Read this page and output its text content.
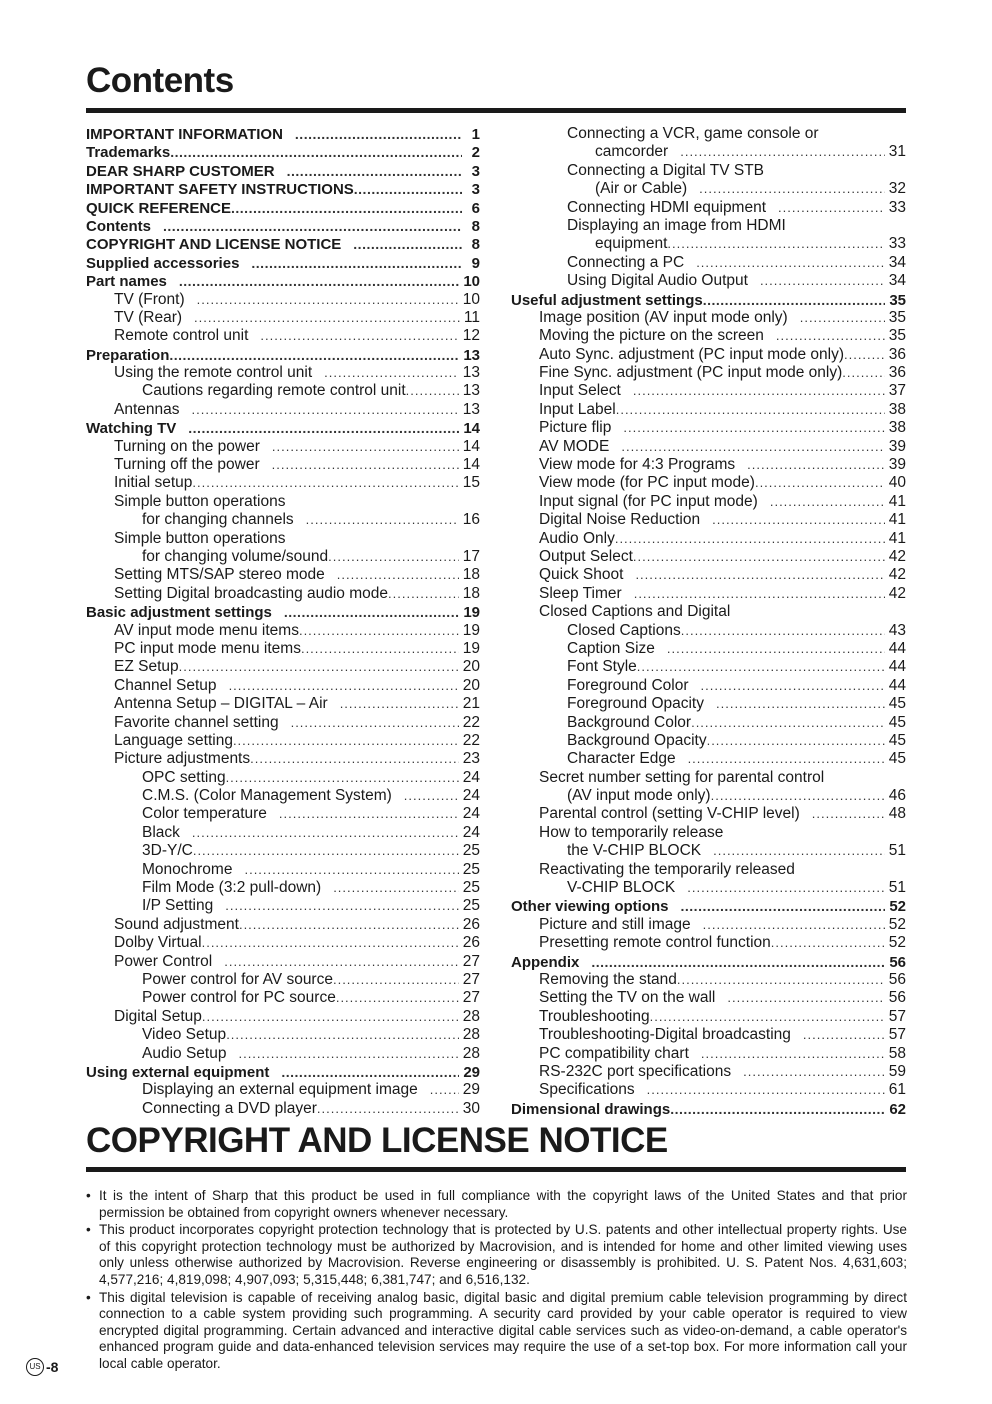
Contents
IMPORTANT INFORMATION .....	1
Trademarks .....	2
DEAR SHARP CUSTOMER .....	3
IMPORTANT SAFETY INSTRUCTIONS .....	3
QUICK REFERENCE .....	6
Contents .....	8
COPYRIGHT AND LICENSE NOTICE .....	8
Supplied accessories .....	9
Part names .....	10
TV (Front) .....	10
TV (Rear) .....	11
Remote control unit .....	12
Preparation .....	13
Using the remote control unit .....	13
Cautions regarding remote control unit .....	13
Antennas .....	13
Watching TV .....	14
Turning on the power .....	14
Turning off the power .....	14
Initial setup .....	15
Simple button operations
for changing channels .....	16
Simple button operations
for changing volume/sound .....	17
Setting MTS/SAP stereo mode .....	18
Setting Digital broadcasting audio mode .....	18
Basic adjustment settings .....	19
AV input mode menu items .....	19
PC input mode menu items .....	19
EZ Setup .....	20
Channel Setup .....	20
Antenna Setup – DIGITAL – Air .....	21
Favorite channel setting .....	22
Language setting .....	22
Picture adjustments .....	23
OPC setting .....	24
C.M.S. (Color Management System) .....	24
Color temperature .....	24
Black .....	24
3D-Y/C .....	25
Monochrome .....	25
Film Mode (3:2 pull-down) .....	25
I/P Setting .....	25
Sound adjustment .....	26
Dolby Virtual .....	26
Power Control .....	27
Power control for AV source .....	27
Power control for PC source .....	27
Digital Setup .....	28
Video Setup .....	28
Audio Setup .....	28
Using external equipment .....	29
Displaying an external equipment image .....	29
Connecting a DVD player .....	30
Connecting a VCR, game console or
camcorder .....	31
Connecting a Digital TV STB
(Air or Cable) .....	32
Connecting HDMI equipment .....	33
Displaying an image from HDMI
equipment .....	33
Connecting a PC .....	34
Using Digital Audio Output .....	34
Useful adjustment settings .....	35
Image position (AV input mode only) .....	35
Moving the picture on the screen .....	35
Auto Sync. adjustment (PC input mode only) .....	36
Fine Sync. adjustment (PC input mode only) .....	36
Input Select .....	37
Input Label .....	38
Picture flip .....	38
AV MODE .....	39
View mode for 4:3 Programs .....	39
View mode (for PC input mode) .....	40
Input signal (for PC input mode) .....	41
Digital Noise Reduction .....	41
Audio Only .....	41
Output Select .....	42
Quick Shoot .....	42
Sleep Timer .....	42
Closed Captions and Digital
Closed Captions .....	43
Caption Size .....	44
Font Style .....	44
Foreground Color .....	44
Foreground Opacity .....	45
Background Color .....	45
Background Opacity .....	45
Character Edge .....	45
Secret number setting for parental control
(AV input mode only) .....	46
Parental control (setting V-CHIP level) .....	48
How to temporarily release
the V-CHIP BLOCK .....	51
Reactivating the temporarily released
V-CHIP BLOCK .....	51
Other viewing options .....	52
Picture and still image .....	52
Presetting remote control function .....	52
Appendix .....	56
Removing the stand .....	56
Setting the TV on the wall .....	56
Troubleshooting .....	57
Troubleshooting-Digital broadcasting .....	57
PC compatibility chart .....	58
RS-232C port specifications .....	59
Specifications .....	61
Dimensional drawings .....	62
COPYRIGHT AND LICENSE NOTICE
• It is the intent of Sharp that this product be used in full compliance with the copyright laws of the United States and that prior permission be obtained from copyright owners whenever necessary.
• This product incorporates copyright protection technology that is protected by U.S. patents and other intellectual property rights. Use of this copyright protection technology must be authorized by Macrovision, and is intended for home and other limited viewing uses only unless otherwise authorized by Macrovision. Reverse engineering or disassembly is prohibited. U. S. Patent Nos. 4,631,603; 4,577,216; 4,819,098; 4,907,093; 5,315,448; 6,381,747; and 6,516,132.
• This digital television is capable of receiving analog basic, digital basic and digital premium cable television programming by direct connection to a cable system providing such programming. A security card provided by your cable operator is required to view encrypted digital programming. Certain advanced and interactive digital cable services such as video-on-demand, a cable operator's enhanced program guide and data-enhanced television services may require the use of a set-top box. For more information call your local cable operator.
US -8
